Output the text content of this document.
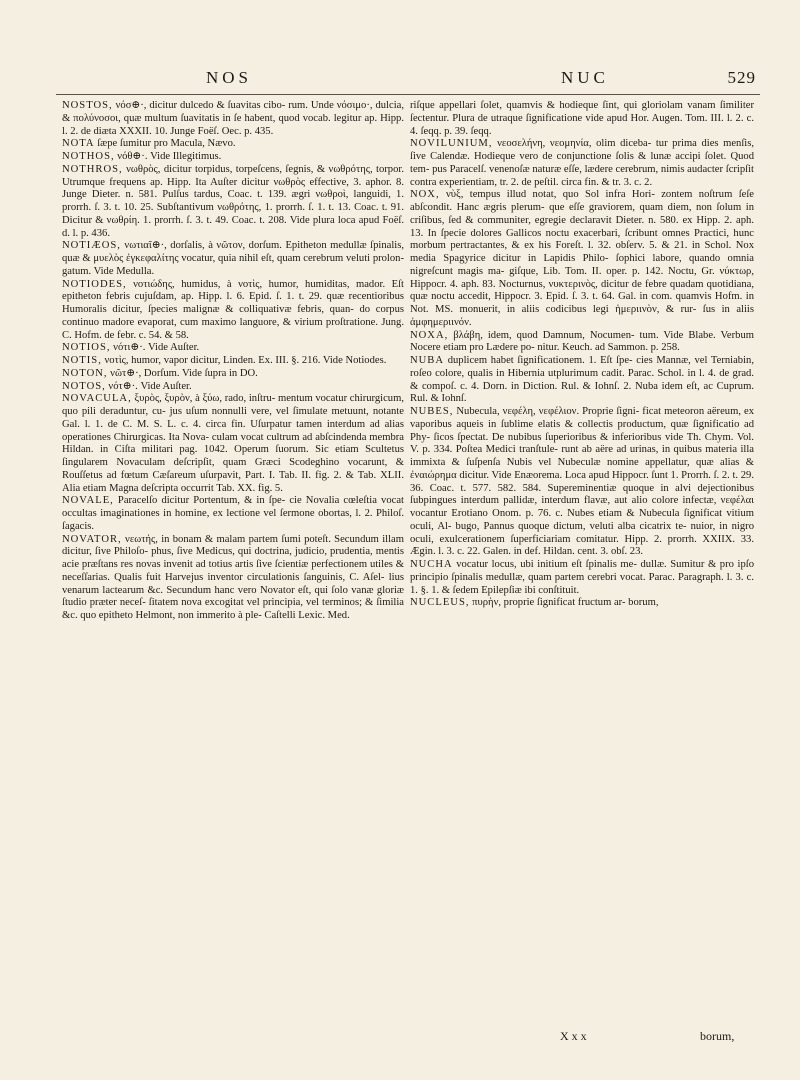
NOS	NUC	529

NOSTOS, νόσ⊕·, dicitur dulcedo & ſuavitas cibo- rum. Unde νόσιμο·, dulcia, & πολύνοσοι, quæ multum ſuavitatis in ſe habent, quod vocab. legitur ap. Hipp. l. 2. de diæta XXXII. 10. Junge Foëſ. Oec. p. 435.

NOTA ſæpe ſumitur pro Macula, Nævo.

NOTHOS, νόθ⊕·. Vide Illegitimus.

NOTHROS, νωθρὸς, dicitur torpidus, torpeſcens, ſegnis, & νωθρότης, torpor. Utrumque frequens ap. Hipp. Ita Auſter dicitur νωθρὸς effective, 3. aphor. 8. Junge Dieter. n. 581. Pulſus tardus, Coac. t. 139. ægri νωθροὶ, languidi, 1. prorrh. ſ. 3. t. 10. 25. Subſtantivum νωθρότης, 1. prorrh. ſ. 1. t. 13. Coac. t. 91. Dicitur & νωθρίη. 1. prorrh. ſ. 3. t. 49. Coac. t. 208. Vide plura loca apud Foëſ. d. l. p. 436.

NOTIÆOS, νωτιαῖ⊕·, dorſalis, à νῶτον, dorſum. Epitheton medullæ ſpinalis, quæ & μυελὸς ἐγκεφαλίτης vocatur, quia nihil eſt, quam cerebrum veluti prolon- gatum. Vide Medulla.

NOTIODES, νοτιώδης, humidus, à νοτὶς, humor, humiditas, mador. Eſt epitheton febris cujuſdam, ap. Hipp. l. 6. Epid. ſ. 1. t. 29. quæ recentioribus Humoralis dicitur, ſpecies malignæ & colliquativæ febris, quan- do corpus continuo madore evaporat, cum maximo languore, & virium proſtratione. Jung. C. Hofm. de febr. c. 54. & 58.

NOTIOS, νότι⊕·. Vide Auſter.

NOTIS, νοτὶς, humor, vapor dicitur, Linden. Ex. III. §. 216. Vide Notiodes.

NOTON, νῶτ⊕·, Dorſum. Vide ſupra in DO.

NOTOS, νότ⊕·. Vide Auſter.

NOVACULA, ξυρὸς, ξυρὸν, à ξύω, rado, inſtru- mentum vocatur chirurgicum, quo pili deraduntur, cu- jus uſum nonnulli vere, vel ſimulate metuunt, notante Gal. l. 1. de C. M. S. L. c. 4. circa fin. Uſurpatur tamen interdum ad alias operationes Chirurgicas. Ita Nova- culam vocat cultrum ad abſcindenda membra Hildan. in Ciſta militari pag. 1042. Operum ſuorum. Sic etiam Scultetus ſingularem Novaculam deſcripſit, quam Græci Scodeghino vocarunt, & Rouſſetus ad fœtum Cæſareum uſurpavit, Part. I. Tab. II. fig. 2. & Tab. XLII. Alia etiam Magna deſcripta occurrit Tab. XX. fig. 5.

NOVALE, Paracelſo dicitur Portentum, & in ſpe- cie Novalia cœleſtia vocat occultas imaginationes in homine, ex lectione vel ſermone obortas, l. 2. Philoſ. ſagacis.

NOVATOR, νεωτής, in bonam & malam partem ſumi poteſt. Secundum illam dicitur, ſive Philoſo- phus, ſive Medicus, qui doctrina, judicio, prudentia, mentis acie præſtans res novas invenit ad totius artis ſive ſcientiæ perfectionem utiles & neceſſarias. Qualis fuit Harvejus inventor circulationis ſanguinis, C. Aſel- lius venarum lactearum &c. Secundum hanc vero Novator eſt, qui ſolo vanæ gloriæ ſtudio præter neceſ- ſitatem nova excogitat vel principia, vel terminos; & ſimilia &c. quo epitheto Helmont, non immerito à ple- Caſtelli Lexic. Med.

riſque appellari ſolet, quamvis & hodieque ſint, qui gloriolam vanam ſimiliter ſectentur. Plura de utraque ſignificatione vide apud Hor. Augen. Tom. III. l. 2. c. 4. ſeqq. p. 39. ſeqq.

NOVILUNIUM, νεοσελήνη, νεομηνία, olim diceba- tur prima dies menſis, ſive Calendæ. Hodieque vero de conjunctione ſolis & lunæ accipi ſolet. Quod tem- pus Paracelſ. venenoſæ naturæ eſſe, lædere cerebrum, nimis audacter ſcripſit contra experientiam, tr. 2. de peſtil. circa fin. & tr. 3. c. 2.

NOX, νὺξ, tempus illud notat, quo Sol infra Hori- zontem noſtrum ſeſe abſcondit. Hanc ægris plerum- que eſſe graviorem, quam diem, non ſolum in criſibus, ſed & communiter, egregie declaravit Dieter. n. 580. ex Hipp. 2. aph. 13. In ſpecie dolores Gallicos noctu exacerbari, ſcribunt omnes Practici, hunc morbum pertractantes, & ex his Foreſt. l. 32. obſerv. 5. & 21. in Schol. Nox media Spagyrice dicitur in Lapidis Philo- ſophici labore, quando omnia nigreſcunt magis ma- giſque, Lib. Tom. II. oper. p. 142. Noctu, Gr. νύκτωρ, Hippocr. 4. aph. 83. Nocturnus, νυκτερινὸς, dicitur de febre quadam quotidiana, quæ noctu accedit, Hippocr. 3. Epid. ſ. 3. t. 64. Gal. in com. quamvis Hofm. in Not. MS. monuerit, in aliis codicibus legi ἡμεριινὸν, & rur- ſus in aliis ἀμφημεριινόν.

NOXA, βλάβη, idem, quod Damnum, Nocumen- tum. Vide Blabe. Verbum Nocere etiam pro Lædere po- nitur. Keuch. ad Sammon. p. 258.

NUBA duplicem habet ſignificationem. 1. Eſt ſpe- cies Mannæ, vel Terniabin, roſeo colore, qualis in Hibernia utplurimum cadit. Parac. Schol. in l. 4. de grad. & compoſ. c. 4. Dorn. in Diction. Rul. & Iohnſ. 2. Nuba idem eſt, ac Cuprum. Rul. & Iohnſ.

NUBES, Nubecula, νεφέλη, νεφέλιον. Proprie ſigni- ficat meteoron aëreum, ex vaporibus aqueis in ſublime elatis & collectis productum, quæ ſignificatio ad Phy- ſicos ſpectat. De nubibus ſuperioribus & inferioribus vide Th. Chym. Vol. V. p. 334. Poſtea Medici tranſtule- runt ab aëre ad urinas, in quibus materia illa immixta & ſuſpenſa Nubis vel Nubeculæ nomine appellatur, quæ alias & ἐναιώρημα dicitur. Vide Enæorema. Loca apud Hippocr. ſunt 1. Prorrh. ſ. 2. t. 29. 36. Coac. t. 577. 582. 584. Supereminentiæ quoque in alvi dejectionibus ſubpingues interdum pallidæ, interdum flavæ, aut alio colore infectæ, νεφέλαι vocantur Erotiano Onom. p. 76. c. Nubes etiam & Nubecula ſignificat vitium oculi, Al- bugo, Pannus quoque dictum, veluti alba cicatrix te- nuior, in nigro oculi, exulcerationem ſuperficiariam comitatur. Hipp. 2. prorrh. XXIIX. 33. Ægin. l. 3. c. 22. Galen. in def. Hildan. cent. 3. obſ. 23.

NUCHA vocatur locus, ubi initium eſt ſpinalis me- dullæ. Sumitur & pro ipſo principio ſpinalis medullæ, quam partem cerebri vocat. Parac. Paragraph. l. 3. c. 1. §. 1. & ſedem Epilepſiæ ibi conſtituit.

NUCLEUS, πυρὴν, proprie ſignificat fructum ar- borum,

Xxx	borum,
